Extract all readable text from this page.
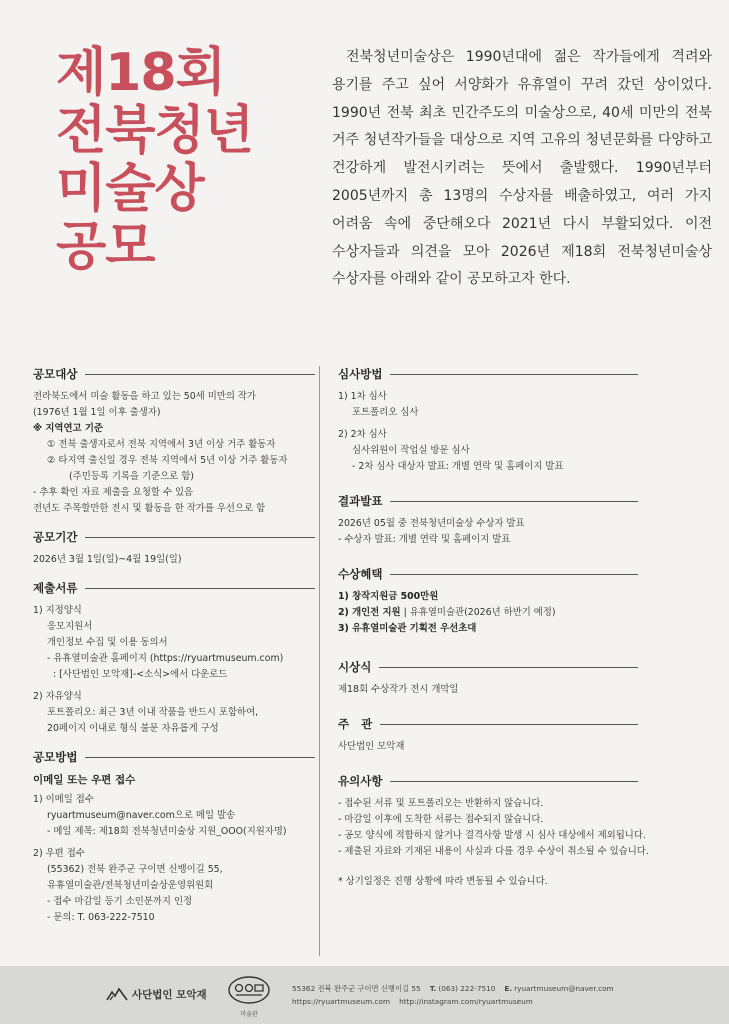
제18회
전북청년
미술상
공모

전북청년미술상은 1990년대에 젊은 작가들에게 격려와 용기를 주고 싶어 서양화가 유휴열이 꾸려 갔던 상이었다. 1990년 전북 최초 민간주도의 미술상으로, 40세 미만의 전북 거주 청년작가들을 대상으로 지역 고유의 청년문화를 다양하고 건강하게 발전시키려는 뜻에서 출발했다. 1990년부터 2005년까지 총 13명의 수상자를 배출하였고, 여러 가지 어려움 속에 중단해오다 2021년 다시 부활되었다. 이전 수상자들과 의견을 모아 2026년 제18회 전북청년미술상 수상자를 아래와 같이 공모하고자 한다.

공모대상
전라북도에서 미술 활동을 하고 있는 50세 미만의 작가
(1976년 1월 1일 이후 출생자)
※ 지역연고 기준
① 전북 출생자로서 전북 지역에서 3년 이상 거주 활동자
② 타지역 출신일 경우 전북 지역에서 5년 이상 거주 활동자
(주민등록 기록을 기준으로 함)
- 추후 확인 자료 제출을 요청할 수 있음
전년도 주목할만한 전시 및 활동을 한 작가를 우선으로 함
공모기간
2026년 3월 1일(일)~4월 19일(일)
제출서류
1) 지정양식
응모지원서
개인정보 수집 및 이용 동의서
- 유휴열미술관 홈페이지 (https://ryuartmuseum.com)
: [사단법인 모악재]-<소식>에서 다운로드
2) 자유양식
포트폴리오: 최근 3년 이내 작품을 반드시 포함하여,
20페이지 이내로 형식 불문 자유롭게 구성
공모방법
이메일 또는 우편 접수
1) 이메일 접수
ryuartmuseum@naver.com으로 메일 발송
- 메일 제목: 제18회 전북청년미술상 지원_OOO(지원자명)
2) 우편 접수
(55362) 전북 완주군 구이면 신뱅이길 55,
유휴열미술관/전북청년미술상운영위원회
- 접수 마감일 등기 소인분까지 인정
- 문의: T. 063-222-7510
심사방법
1) 1차 심사
포트폴리오 심사
2) 2차 심사
심사위원이 작업실 방문 심사
- 2차 심사 대상자 발표: 개별 연락 및 홈페이지 발표
결과발표
2026년 05월 중 전북청년미술상 수상자 발표
- 수상자 발표: 개별 연락 및 홈페이지 발표
수상혜택
1) 창작지원금 500만원
2) 개인전 지원 | 유휴열미술관(2026년 하반기 예정)
3) 유휴열미술관 기획전 우선초대
시상식
제18회 수상작가 전시 개막일
주   관
사단법인 모악재
유의사항
- 접수된 서류 및 포트폴리오는 반환하지 않습니다.
- 마감일 이후에 도착한 서류는 접수되지 않습니다.
- 공모 양식에 적합하지 않거나 결격사항 발생 시 심사 대상에서 제외됩니다.
- 제출된 자료와 기재된 내용이 사실과 다를 경우 수상이 취소될 수 있습니다.
* 상기일정은 진행 상황에 따라 변동될 수 있습니다.
사단법인 모악재
미술관
55362 전북 완주군 구이면 신뱅이길 55 T. (063) 222-7510 E. ryuartmuseum@naver.com
https://ryuartmuseum.com http://instagram.com/ryuartmuseum
